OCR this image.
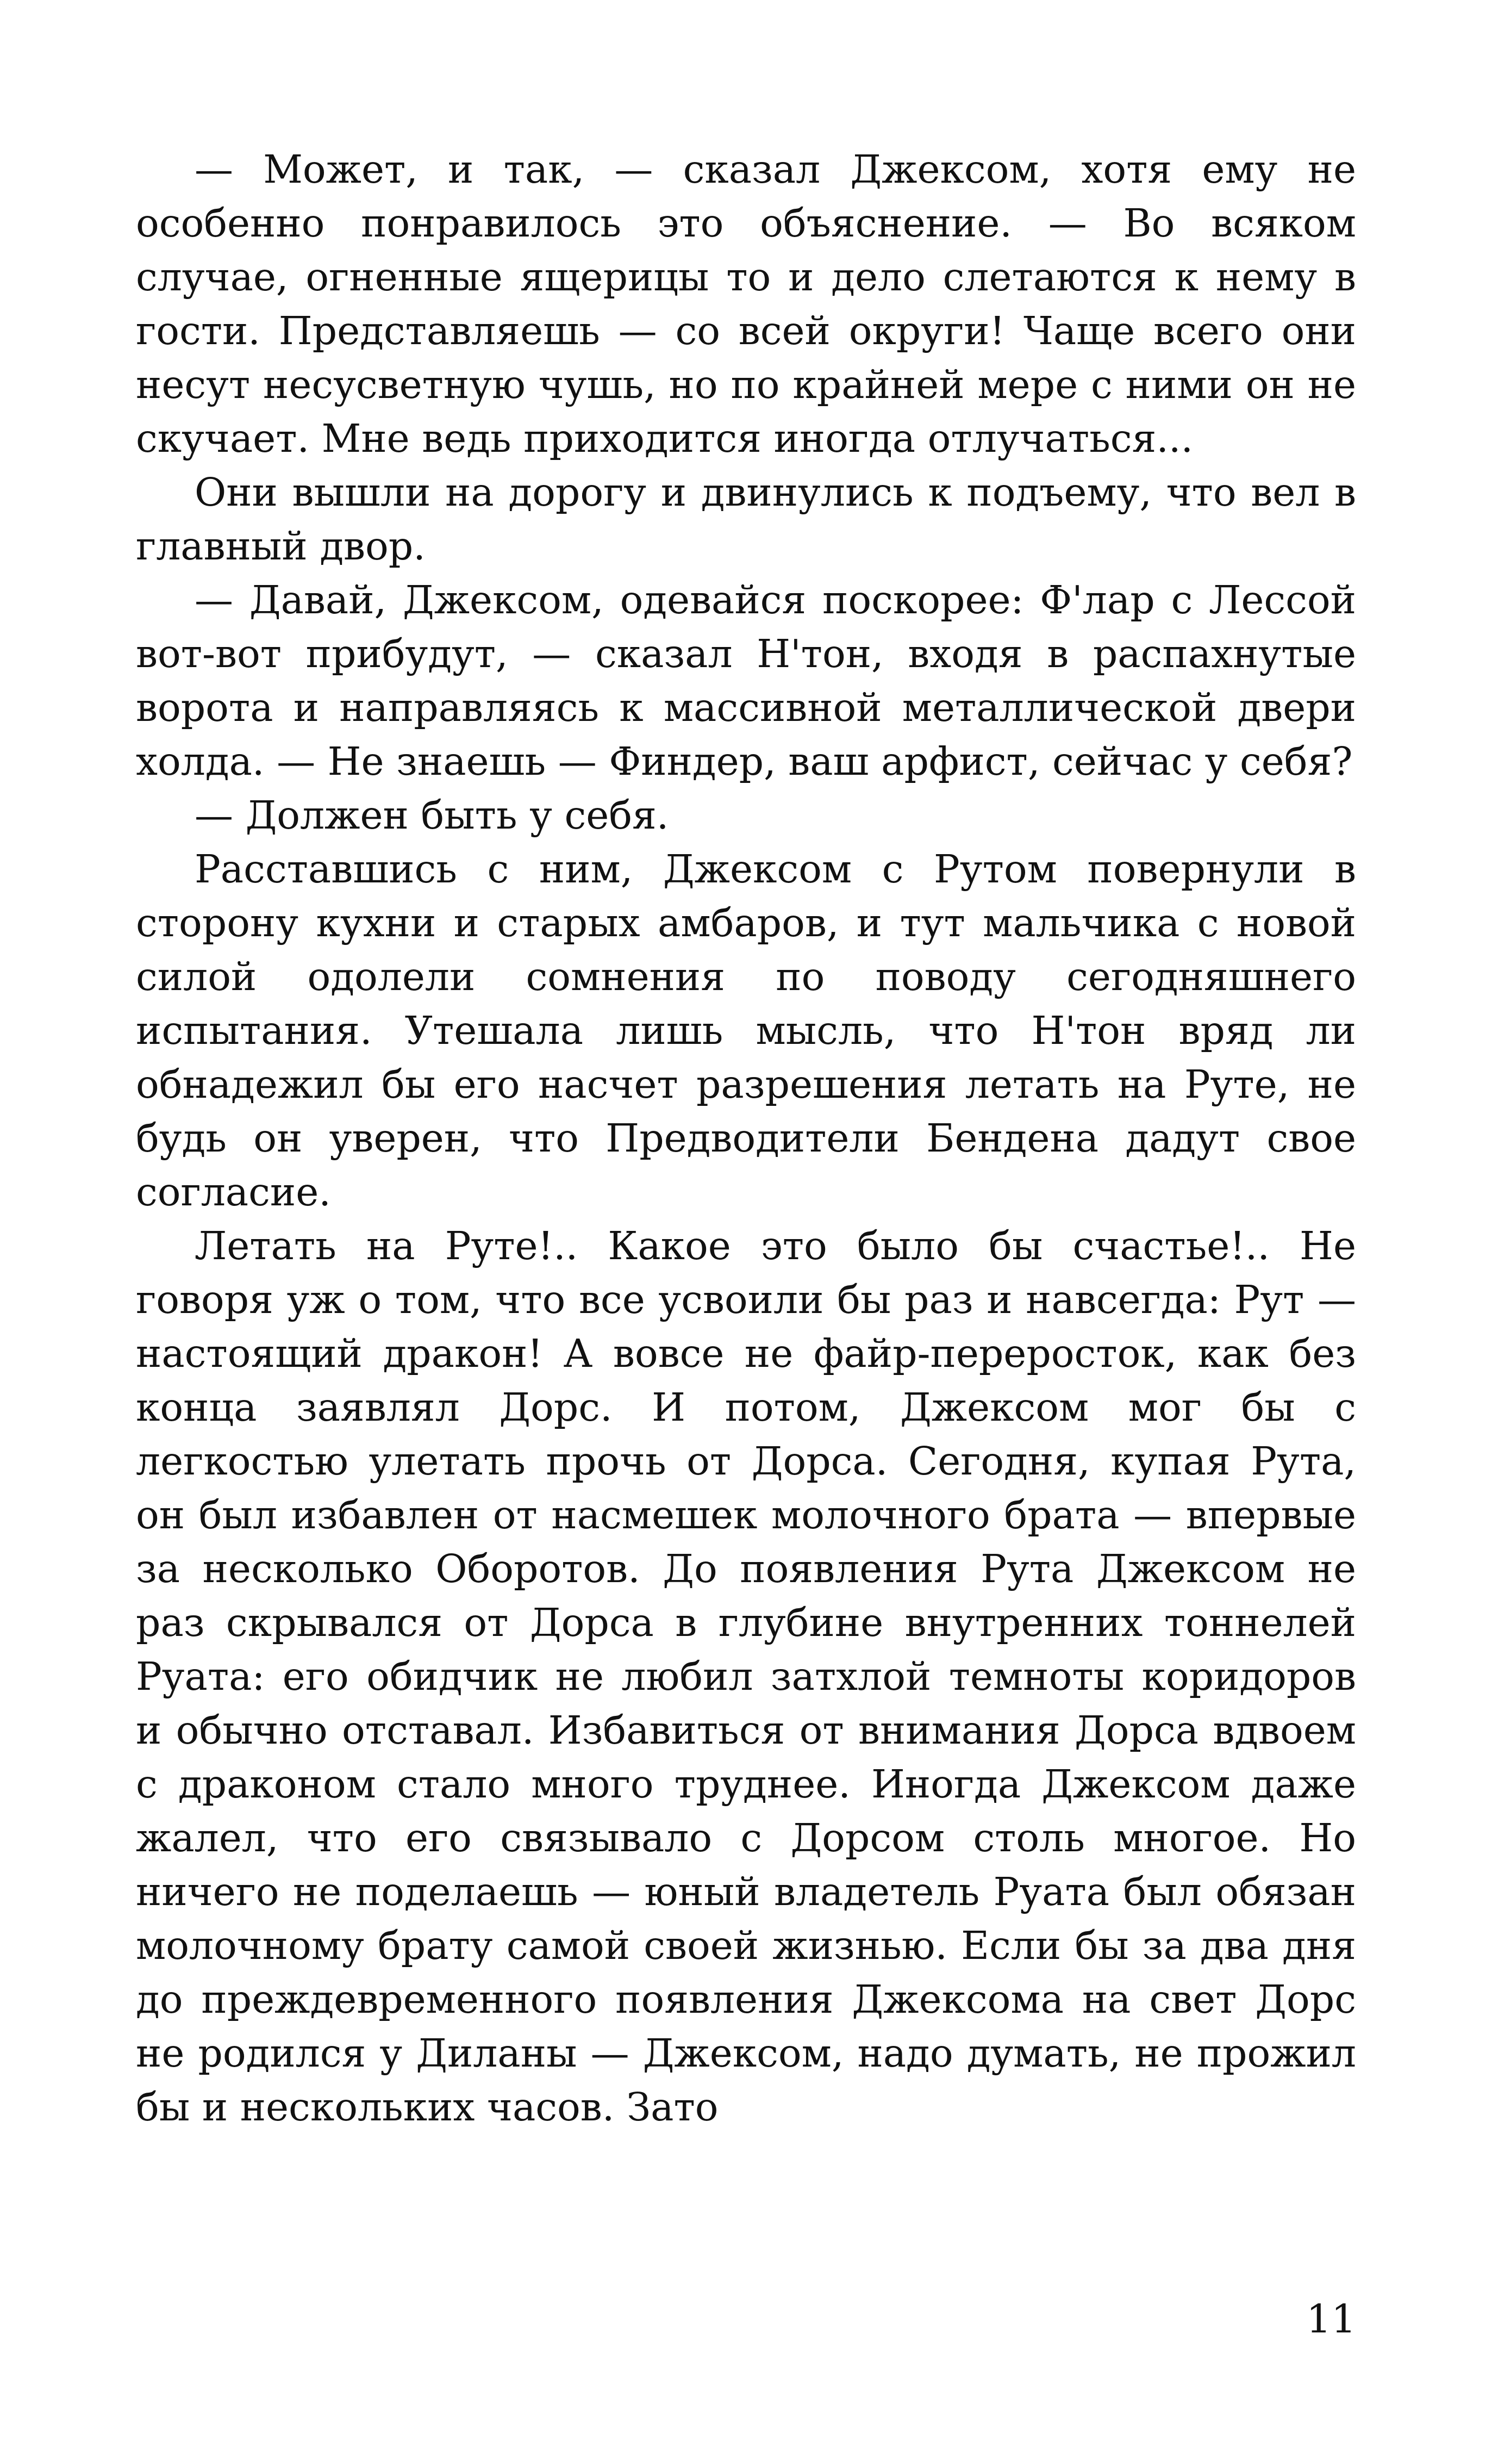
— Может, и так, — сказал Джексом, хотя ему не особенно понравилось это объяснение. — Во всяком случае, огненные ящерицы то и дело слетаются к нему в гости. Представляешь — со всей округи! Чаще всего они несут несусветную чушь, но по крайней мере с ними он не скучает. Мне ведь приходится иногда отлучаться...

Они вышли на дорогу и двинулись к подъему, что вел в главный двор.

— Давай, Джексом, одевайся поскорее: Ф'лар с Лессой вот-вот прибудут, — сказал Н'тон, входя в распахнутые ворота и направляясь к массивной металлической двери холда. — Не знаешь — Финдер, ваш арфист, сейчас у себя?

— Должен быть у себя.

Расставшись с ним, Джексом с Рутом повернули в сторону кухни и старых амбаров, и тут мальчика с новой силой одолели сомнения по поводу сегодняшнего испытания. Утешала лишь мысль, что Н'тон вряд ли обнадежил бы его насчет разрешения летать на Руте, не будь он уверен, что Предводители Бендена дадут свое согласие.

Летать на Руте!.. Какое это было бы счастье!.. Не говоря уж о том, что все усвоили бы раз и навсегда: Рут — настоящий дракон! А вовсе не файр-переросток, как без конца заявлял Дорс. И потом, Джексом мог бы с легкостью улетать прочь от Дорса. Сегодня, купая Рута, он был избавлен от насмешек молочного брата — впервые за несколько Оборотов. До появления Рута Джексом не раз скрывался от Дорса в глубине внутренних тоннелей Руата: его обидчик не любил затхлой темноты коридоров и обычно отставал. Избавиться от внимания Дорса вдвоем с драконом стало много труднее. Иногда Джексом даже жалел, что его связывало с Дорсом столь многое. Но ничего не поделаешь — юный владетель Руата был обязан молочному брату самой своей жизнью. Если бы за два дня до преждевременного появления Джексома на свет Дорс не родился у Диланы — Джексом, надо думать, не прожил бы и нескольких часов. Зато

11
